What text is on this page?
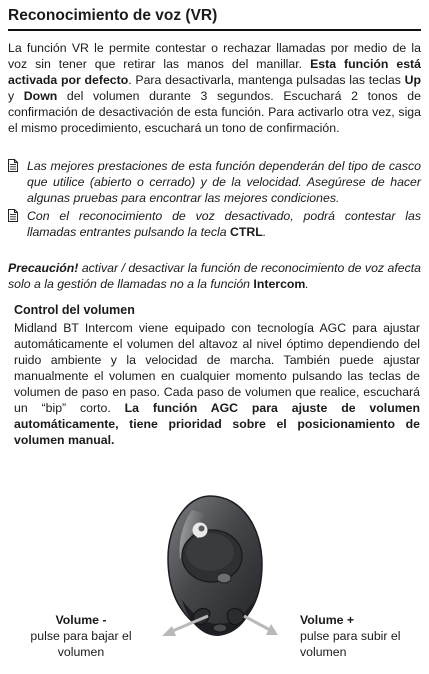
Reconocimiento de voz (VR)
La función VR le permite contestar o rechazar llamadas por medio de la voz sin tener que retirar las manos del manillar. Esta función está activada por defecto. Para desactivarla, mantenga pulsadas las teclas Up y Down del volumen durante 3 segundos. Escuchará 2 tonos de confirmación de desactivación de esta función. Para activarlo otra vez, siga el mismo procedimiento, escuchará un tono de confirmación.
Las mejores prestaciones de esta función dependerán del tipo de casco que utilice (abierto o cerrado) y de la velocidad. Asegúrese de hacer algunas pruebas para encontrar las mejores condiciones.
Con el reconocimiento de voz desactivado, podrá contestar las llamadas entrantes pulsando la tecla CTRL.
Precaución! activar / desactivar la función de reconocimiento de voz afecta solo a la gestión de llamadas no a la función Intercom.
Control del volumen
Midland BT Intercom viene equipado con tecnología AGC para ajustar automáticamente el volumen del altavoz al nivel óptimo dependiendo del ruido ambiente y la velocidad de marcha. También puede ajustar manualmente el volumen en cualquier momento pulsando las teclas de volumen de paso en paso. Cada paso de volumen que realice, escuchará un “bip” corto. La función AGC para ajuste de volumen automáticamente, tiene prioridad sobre el posicionamiento de volumen manual.
Volume -
pulse para bajar el
volumen
Volume +
pulse para subir el
volumen
